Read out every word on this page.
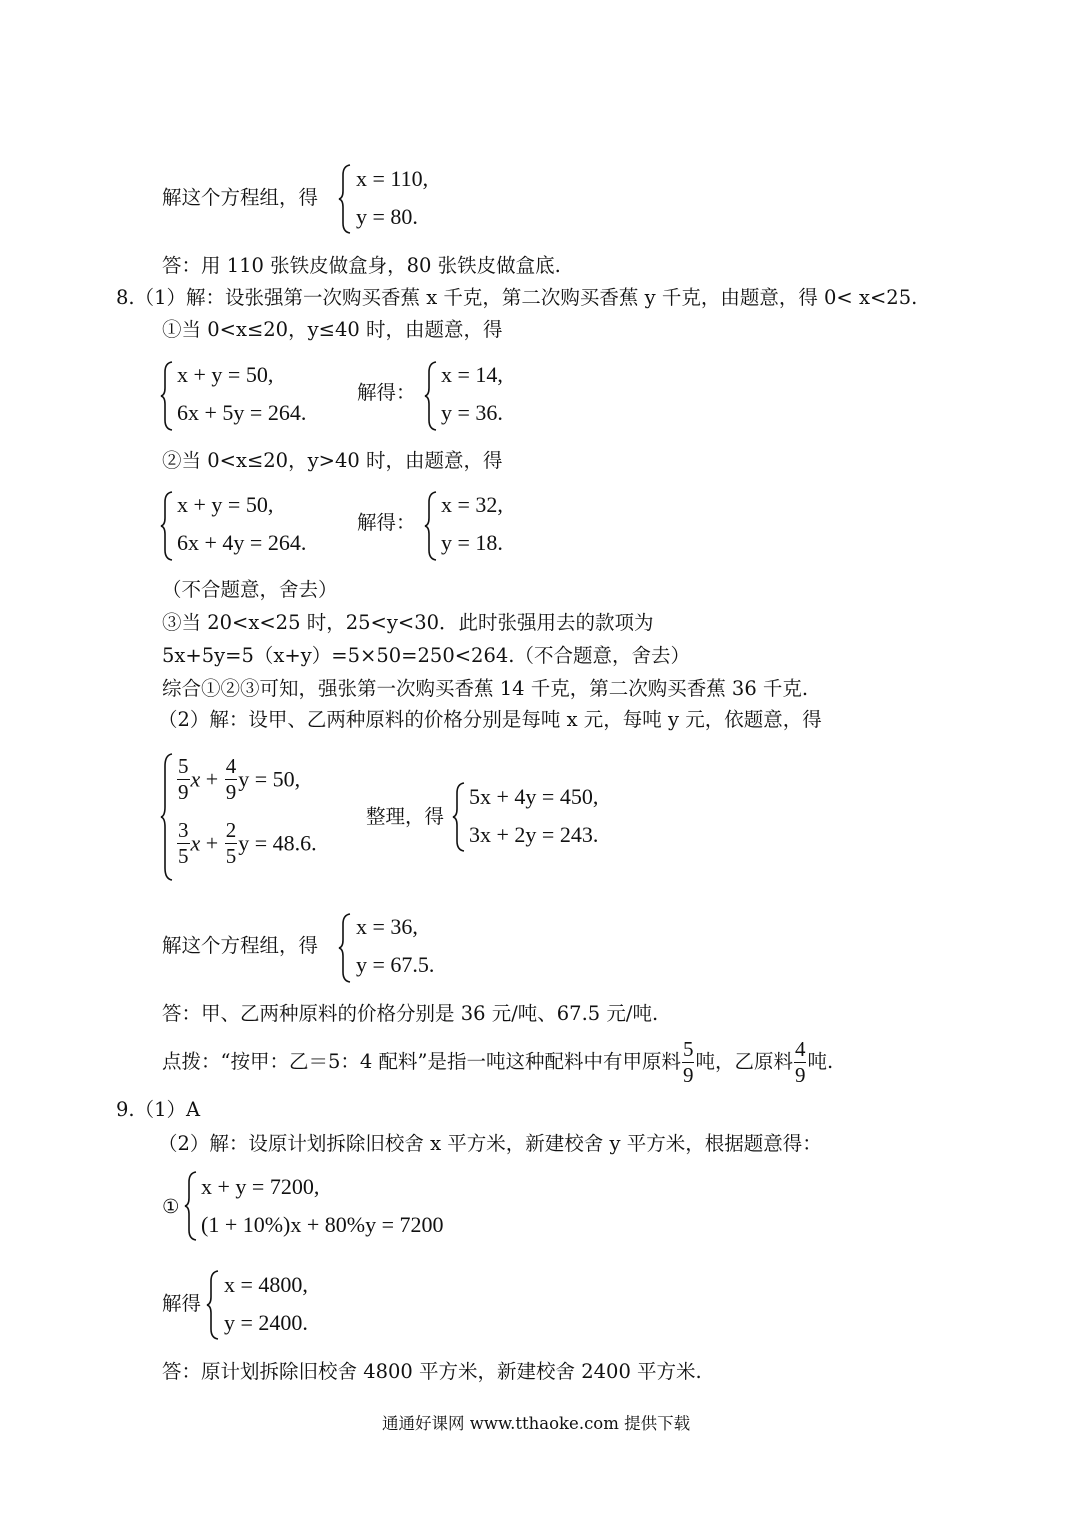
解这个方程组，得
x = 110,
y = 80.
答：用 110 张铁皮做盒身，80 张铁皮做盒底.
8.（1）解：设张强第一次购买香蕉 x 千克，第二次购买香蕉 y 千克，由题意，得 0< x<25.
①当 0<x≤20，y≤40 时，由题意，得
x + y = 50,
6x + 5y = 264.
解得：
x = 14,
y = 36.
②当 0<x≤20，y>40 时，由题意，得
x + y = 50,
6x + 4y = 264.
解得：
x = 32,
y = 18.
（不合题意，舍去）
③当 20<x<25 时，25<y<30．此时张强用去的款项为
5x+5y=5（x+y）=5×50=250<264.（不合题意，舍去）
综合①②③可知，强张第一次购买香蕉 14 千克，第二次购买香蕉 36 千克.
（2）解：设甲、乙两种原料的价格分别是每吨 x 元，每吨 y 元，依题意，得
$\frac{5}{9}$ $x + \frac{4}{9}$ y = 50,
$\frac{3}{5}$ $x + \frac{2}{5}$ y = 48.6.
整理，得
5x + 4y = 450,
3x + 2y = 243.
解这个方程组，得
x = 36,
y = 67.5.
答：甲、乙两种原料的价格分别是 36 元/吨、67.5 元/吨.
点拨：“按甲：乙＝5：4 配料”是指一吨这种配料中有甲原料 $\frac{5}{9}$ 吨，乙原料 $\frac{4}{9}$ 吨.
9.（1）A
（2）解：设原计划拆除旧校舍 x 平方米，新建校舍 y 平方米，根据题意得：
①
x + y = 7200,
(1 + 10%)x + 80%y = 7200
解得
x = 4800,
y = 2400.
答：原计划拆除旧校舍 4800 平方米，新建校舍 2400 平方米.
通通好课网 www.tthaoke.com 提供下载
